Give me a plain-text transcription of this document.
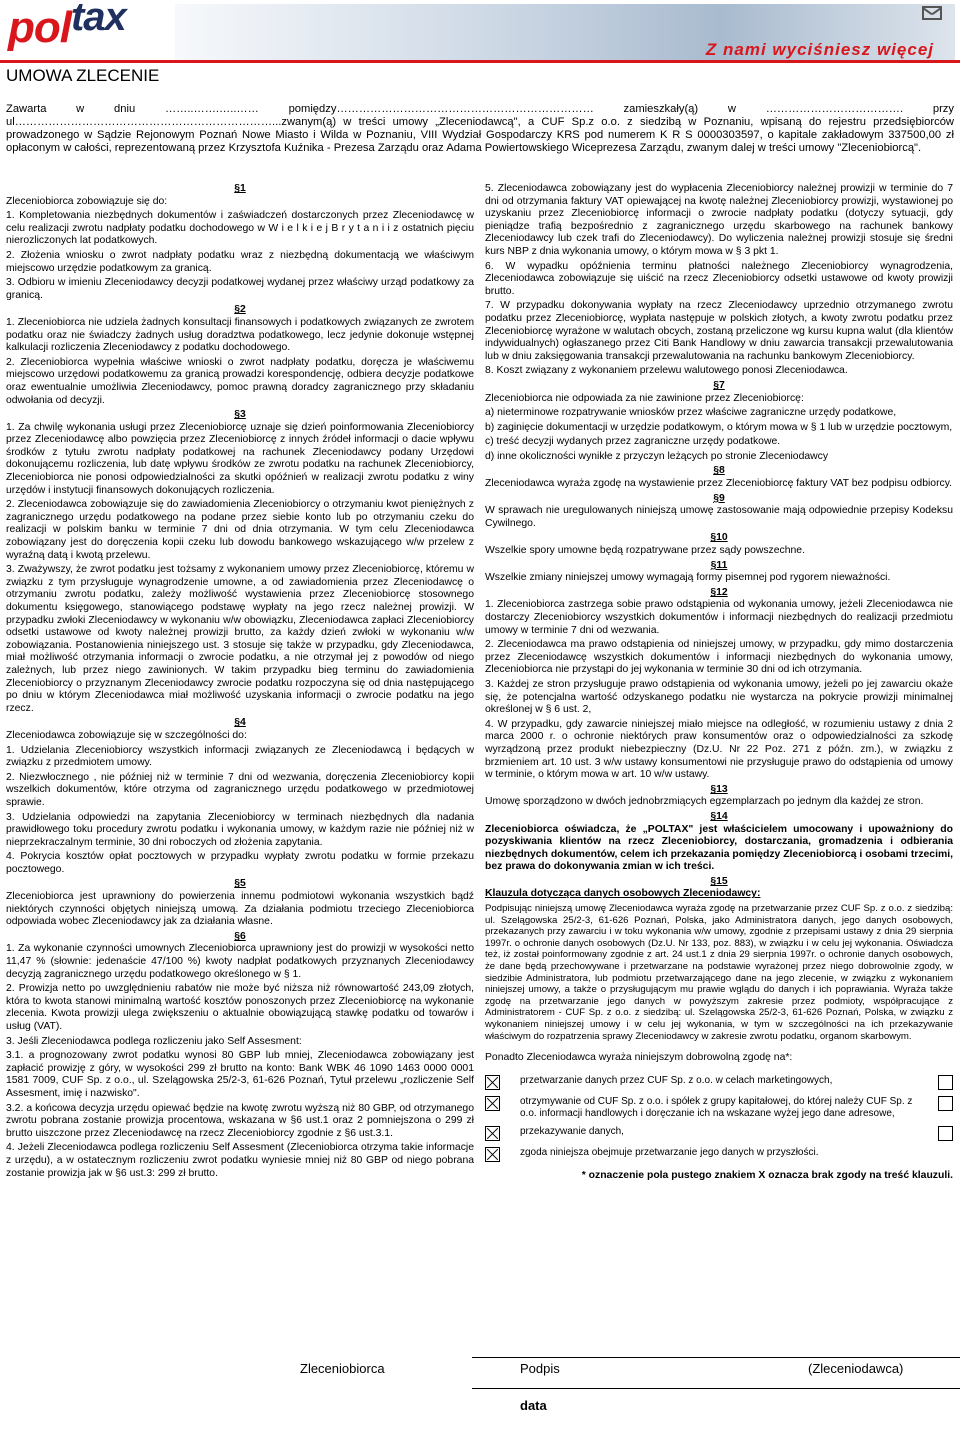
poltax
Z nami wyciśniesz więcej
UMOWA ZLECENIE
Zawarta w dniu ……..…….…..…… pomiędzy…………………………………………………………… zamieszkały(ą) w ………………………………. przy ul……………………………………………………………...zwanym(ą) w treści umowy „Zleceniodawcą", a CUF Sp.z o.o. z siedzibą w Poznaniu, wpisaną do rejestru przedsiębiorców prowadzonego w Sądzie Rejonowym Poznań Nowe Miasto i Wilda w Poznaniu, VIII Wydział Gospodarczy KRS pod numerem K R S 0000303597, o kapitale zakładowym 337500,00 zł opłaconym w całości, reprezentowaną przez Krzysztofa Kuźnika - Prezesa Zarządu oraz Adama Powiertowskiego Wiceprezesa Zarządu, zwanym dalej w treści umowy "Zleceniobiorcą".
§1

Zleceniobiorca zobowiązuje się do:

1. Kompletowania niezbędnych dokumentów i zaświadczeń dostarczonych przez Zleceniodawcę w celu realizacji zwrotu nadpłaty podatku dochodowego w W i e l k i e j B r y t a n i i z ostatnich pięciu nierozliczonych lat podatkowych.

2. Złożenia wniosku o zwrot nadpłaty podatku wraz z niezbędną dokumentacją we właściwym miejscowo urzędzie podatkowym za granicą.

3. Odbioru w imieniu Zleceniodawcy decyzji podatkowej wydanej przez właściwy urząd podatkowy za granicą.

§2

1. Zleceniobiorca nie udziela żadnych konsultacji finansowych i podatkowych związanych ze zwrotem podatku oraz nie świadczy żadnych usług doradztwa podatkowego, lecz jedynie dokonuje wstępnej kalkulacji rozliczenia Zleceniodawcy z podatku dochodowego.

2. Zleceniobiorca wypełnia właściwe wnioski o zwrot nadpłaty podatku, doręcza je właściwemu miejscowo urzędowi podatkowemu za granicą prowadzi korespondencję, odbiera decyzje podatkowe oraz ewentualnie umożliwia Zleceniodawcy, pomoc prawną doradcy zagranicznego przy składaniu odwołania od decyzji.

§3

1. Za chwilę wykonania usługi przez Zleceniobiorcę uznaje się dzień poinformowania Zleceniobiorcy przez Zleceniodawcę albo powzięcia przez Zleceniobiorcę z innych źródeł informacji o dacie wpływu środków z tytułu zwrotu nadpłaty podatkowej na rachunek Zleceniodawcy podany Urzędowi dokonującemu rozliczenia, lub datę wpływu środków ze zwrotu podatku na rachunek Zleceniobiorcy, Zleceniobiorca nie ponosi odpowiedzialności za skutki opóźnień w realizacji zwrotu podatku z winy urzędów i instytucji finansowych dokonujących rozliczenia.

2. Zleceniodawca zobowiązuje się do zawiadomienia Zleceniobiorcy o otrzymaniu kwot pieniężnych z zagranicznego urzędu podatkowego na podane przez siebie konto lub po otrzymaniu czeku do realizacji w polskim banku w terminie 7 dni od dnia otrzymania. W tym celu Zleceniodawca zobowiązany jest do doręczenia kopii czeku lub dowodu bankowego wskazującego w/w przelew z wyraźną datą i kwotą przelewu.

3. Zważywszy, że zwrot podatku jest tożsamy z wykonaniem umowy przez Zleceniobiorcę, któremu w związku z tym przysługuje wynagrodzenie umowne, a od zawiadomienia przez Zleceniodawcę o otrzymaniu zwrotu podatku, zależy możliwość wystawienia przez Zleceniobiorcę stosownego dokumentu księgowego, stanowiącego podstawę wypłaty na jego rzecz należnej prowizji. W przypadku zwłoki Zleceniodawcy w wykonaniu w/w obowiązku, Zleceniodawca zapłaci Zleceniobiorcy odsetki ustawowe od kwoty należnej prowizji brutto, za każdy dzień zwłoki w wykonaniu w/w zobowiązania. Postanowienia niniejszego ust. 3 stosuje się także w przypadku, gdy Zleceniodawca, miał możliwość otrzymania informacji o zwrocie podatku, a nie otrzymał jej z powodów od niego zależnych, lub przez niego zawinionych. W takim przypadku bieg terminu do zawiadomienia Zleceniobiorcy o przyznanym Zleceniodawcy zwrocie podatku rozpoczyna się od dnia następującego po dniu w którym Zleceniodawca miał możliwość uzyskania informacji o zwrocie podatku na jego rzecz.

§4

Zleceniodawca zobowiązuje się w szczególności do:

1. Udzielania Zleceniobiorcy wszystkich informacji związanych ze Zleceniodawcą i będących w związku z przedmiotem umowy.

2. Niezwłocznego , nie później niż w terminie 7 dni od wezwania, doręczenia Zleceniobiorcy kopii wszelkich dokumentów, które otrzyma od zagranicznego urzędu podatkowego w przedmiotowej sprawie.

3. Udzielania odpowiedzi na zapytania Zleceniobiorcy w terminach niezbędnych dla nadania prawidłowego toku procedury zwrotu podatku i wykonania umowy, w każdym razie nie później niż w nieprzekraczalnym terminie, 30 dni roboczych od złożenia zapytania.

4. Pokrycia kosztów opłat pocztowych w przypadku wypłaty zwrotu podatku w formie przekazu pocztowego.

§5

Zleceniobiorca jest uprawniony do powierzenia innemu podmiotowi wykonania wszystkich bądź niektórych czynności objętych niniejszą umową. Za działania podmiotu trzeciego Zleceniobiorca odpowiada wobec Zleceniodawcy jak za działania własne.

§6

1. Za wykonanie czynności umownych Zleceniobiorca uprawniony jest do prowizji w wysokości netto 11,47 % (słownie: jedenaście 47/100 %) kwoty nadpłat podatkowych przyznanych Zleceniodawcy decyzją zagranicznego urzędu podatkowego określonego w § 1.

2. Prowizja netto po uwzględnieniu rabatów nie może być niższa niż równowartość 243,09 złotych, która to kwota stanowi minimalną wartość kosztów ponoszonych przez Zleceniobiorcę na wykonanie zlecenia. Kwota prowizji ulega zwiększeniu o aktualnie obowiązującą stawkę podatku od towarów i usług (VAT).

3. Jeśli Zleceniodawca podlega rozliczeniu jako Self Assesment:

3.1. a prognozowany zwrot podatku wynosi 80 GBP lub mniej, Zleceniodawca zobowiązany jest zapłacić prowizję z góry, w wysokości 299 zł brutto na konto: Bank WBK 46 1090 1463 0000 0001 1581 7009, CUF Sp. z o.o., ul. Szelągowska 25/2-3, 61-626 Poznań, Tytuł przelewu „rozliczenie Self Assesment, imię i nazwisko".

3.2. a końcowa decyzja urzędu opiewać będzie na kwotę zwrotu wyższą niż 80 GBP, od otrzymanego zwrotu pobrana zostanie prowizja procentowa, wskazana w §6 ust.1 oraz 2 pomniejszona o 299 zł brutto uiszczone przez Zleceniodawcę na rzecz Zleceniobiorcy zgodnie z §6 ust.3.1.

4. Jeżeli Zleceniodawca podlega rozliczeniu Self Assesment (Zleceniobiorca otrzyma takie informacje z urzędu), a w ostatecznym rozliczeniu zwrot podatku wyniesie mniej niż 80 GBP od niego pobrana zostanie prowizja jak w §6 ust.3: 299 zł brutto.

5. Zleceniodawca zobowiązany jest do wypłacenia Zleceniobiorcy należnej prowizji w terminie do 7 dni od otrzymania faktury VAT opiewającej na kwotę należnej Zleceniobiorcy prowizji, wystawionej po uzyskaniu przez Zleceniobiorcę informacji o zwrocie nadpłaty podatku (dotyczy sytuacji, gdy pieniądze trafią bezpośrednio z zagranicznego urzędu skarbowego na rachunek bankowy Zleceniodawcy lub czek trafi do Zleceniodawcy). Do wyliczenia należnej prowizji stosuje się średni kurs NBP z dnia wykonania umowy, o którym mowa w § 3 pkt 1.

6. W wypadku opóźnienia terminu płatności należnego Zleceniobiorcy wynagrodzenia, Zleceniodawca zobowiązuje się uiścić na rzecz Zleceniobiorcy odsetki ustawowe od kwoty prowizji brutto.

7. W przypadku dokonywania wypłaty na rzecz Zleceniodawcy uprzednio otrzymanego zwrotu podatku przez Zleceniobiorcę, wypłata następuje w polskich złotych, a kwoty zwrotu podatku przez Zleceniobiorcę wyrażone w walutach obcych, zostaną przeliczone wg kursu kupna walut (dla klientów indywidualnych) ogłaszanego przez Citi Bank Handlowy w dniu zawarcia transakcji przewalutowania lub w dniu zaksięgowania transakcji przewalutowania na rachunku bankowym Zleceniobiorcy.

8. Koszt związany z wykonaniem przelewu walutowego ponosi Zleceniodawca.

§7

Zleceniobiorca nie odpowiada za nie zawinione przez Zleceniobiorcę:

a) nieterminowe rozpatrywanie wniosków przez właściwe zagraniczne urzędy podatkowe,

b) zaginięcie dokumentacji w urzędzie podatkowym, o którym mowa w § 1 lub w urzędzie pocztowym,

c) treść decyzji wydanych przez zagraniczne urzędy podatkowe.

d) inne okoliczności wynikłe z przyczyn leżących po stronie Zleceniodawcy

§8

Zleceniodawca wyraża zgodę na wystawienie przez Zleceniobiorcę faktury VAT bez podpisu odbiorcy.

§9

W sprawach nie uregulowanych niniejszą umowę zastosowanie mają odpowiednie przepisy Kodeksu Cywilnego.

§10

Wszelkie spory umowne będą rozpatrywane przez sądy powszechne.

§11

Wszelkie zmiany niniejszej umowy wymagają formy pisemnej pod rygorem nieważności.

§12

1. Zleceniobiorca zastrzega sobie prawo odstąpienia od wykonania umowy, jeżeli Zleceniodawca nie dostarczy Zleceniobiorcy wszystkich dokumentów i informacji niezbędnych do realizacji przedmiotu umowy w terminie 7 dni od wezwania.

2. Zleceniodawca ma prawo odstąpienia od niniejszej umowy, w przypadku, gdy mimo dostarczenia przez Zleceniodawcę wszystkich dokumentów i informacji niezbędnych do wykonania umowy, Zleceniobiorca nie przystąpi do jej wykonania w terminie 30 dni od ich otrzymania.

3. Każdej ze stron przysługuje prawo odstąpienia od wykonania umowy, jeżeli po jej zawarciu okaże się, że potencjalna wartość odzyskanego podatku nie wystarcza na pokrycie prowizji minimalnej określonej w § 6 ust. 2,

4. W przypadku, gdy zawarcie niniejszej miało miejsce na odległość, w rozumieniu ustawy z dnia 2 marca 2000 r. o ochronie niektórych praw konsumentów oraz o odpowiedzialności za szkodę wyrządzoną przez produkt niebezpieczny (Dz.U. Nr 22 Poz. 271 z późn. zm.), w związku z brzmieniem art. 10 ust. 3 w/w ustawy konsumentowi nie przysługuje prawo do odstąpienia od umowy w terminie, o którym mowa w art. 10 w/w ustawy.

§13

Umowę sporządzono w dwóch jednobrzmiących egzemplarzach po jednym dla każdej ze stron.

§14

Zleceniobiorca oświadcza, że „POLTAX" jest właścicielem umocowany i upoważniony do pozyskiwania klientów na rzecz Zleceniobiorcy, dostarczania, gromadzenia i odbierania niezbędnych dokumentów, celem ich przekazania pomiędzy Zleceniobiorcą i osobami trzecimi, bez prawa do dokonywania zmian w ich treści.

§15

Klauzula dotycząca danych osobowych Zleceniodawcy:

Podpisując niniejszą umowę Zleceniodawca wyraża zgodę na przetwarzanie przez CUF Sp. z o.o. z siedzibą: ul. Szelągowska 25/2-3, 61-626 Poznań, Polska, jako Administratora danych, jego danych osobowych, przekazanych przy zawarciu i w toku wykonania w/w umowy, zgodnie z przepisami ustawy z dnia 29 sierpnia 1997r. o ochronie danych osobowych (Dz.U. Nr 133, poz. 883), w związku i w celu jej wykonania. Oświadcza też, iż został poinformowany zgodnie z art. 24 ust.1 z dnia 29 sierpnia 1997r. o ochronie danych osobowych, że dane będą przechowywane i przetwarzane na podstawie wyrażonej przez niego dobrowolnie zgody, w siedzibie Administratora, lub podmiotu przetwarzającego dane na jego zlecenie, w związku z wykonaniem niniejszej umowy, a także o przysługującym mu prawie wglądu do danych i ich poprawiania. Wyraża także zgodę na przetwarzanie jego danych w powyższym zakresie przez podmioty, współpracujące z Administratorem - CUF Sp. z o.o. z siedzibą: ul. Szelągowska 25/2-3, 61-626 Poznań, Polska, w związku z wykonaniem niniejszej umowy i w celu jej wykonania, w tym w szczególności na ich przekazywanie właściwym do rozpatrzenia sprawy Zleceniodawcy w zakresie zwrotu podatku, organom skarbowym.

Ponadto Zleceniodawca wyraża niniejszym dobrowolną zgodę na*:
przetwarzanie danych przez CUF Sp. z o.o. w celach marketingowych,
otrzymywanie od CUF Sp. z o.o. i spółek z grupy kapitałowej, do której należy CUF Sp. z o.o. informacji handlowych i doręczanie ich na wskazane wyżej jego dane adresowe,
przekazywanie danych,
zgoda niniejsza obejmuje przetwarzanie jego danych w przyszłości.
* oznaczenie pola pustego znakiem X oznacza brak zgody na treść klauzuli.
Zleceniobiorca	Podpis	(Zleceniodawca)
data
